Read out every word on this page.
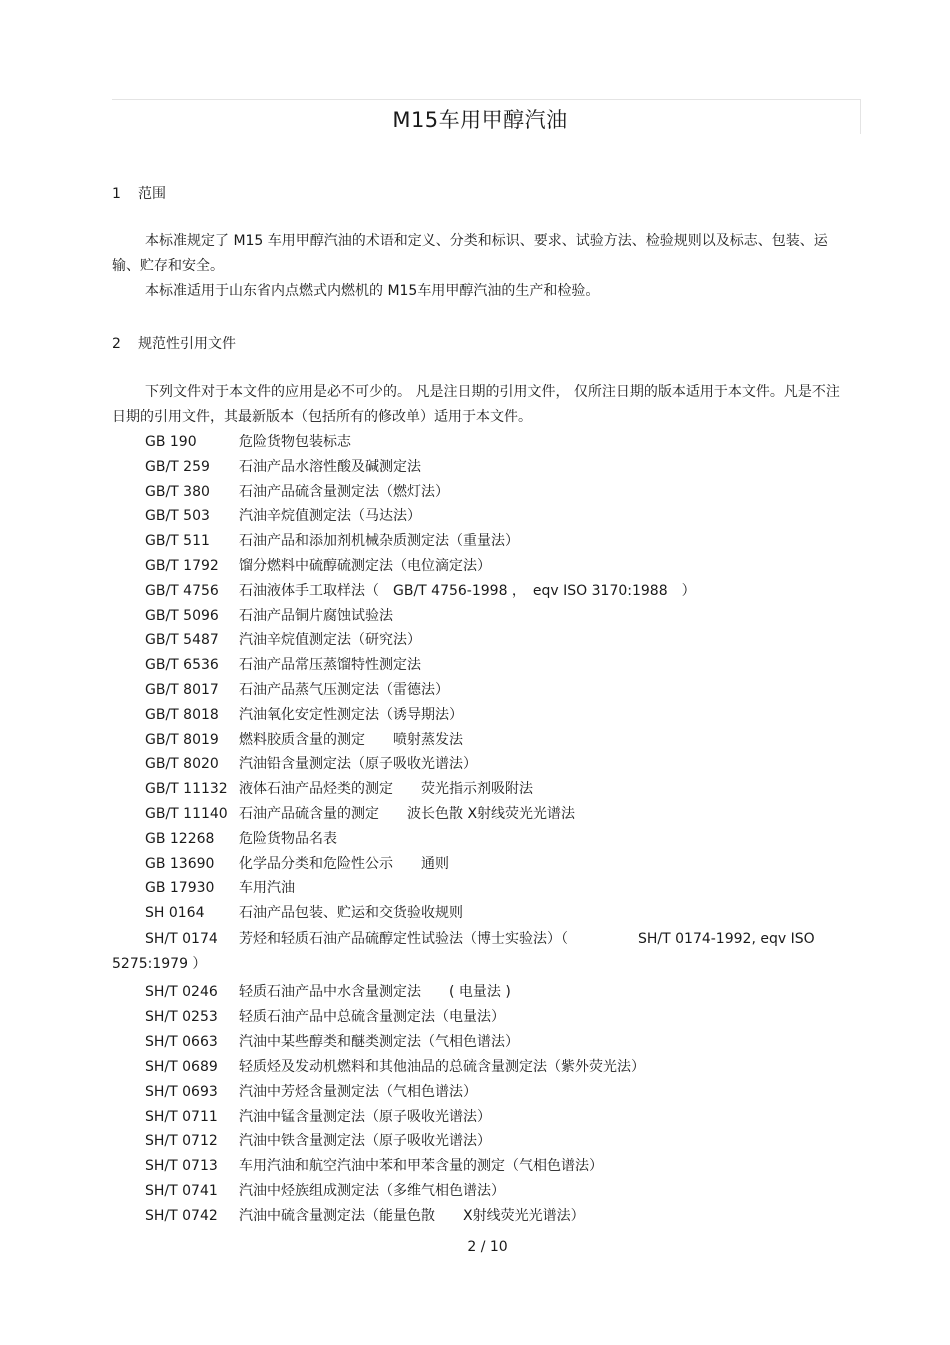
M15车用甲醇汽油
1 范围
本标准规定了 M15 车用甲醇汽油的术语和定义、分类和标识、要求、试验方法、检验规则以及标志、包装、运输、贮存和安全。
本标准适用于山东省内点燃式内燃机的 M15车用甲醇汽油的生产和检验。
2 规范性引用文件
下列文件对于本文件的应用是必不可少的。 凡是注日期的引用文件， 仅所注日期的版本适用于本文件。凡是不注日期的引用文件，其最新版本（包括所有的修改单）适用于本文件。
GB 190	危险货物包装标志
GB/T 259 石油产品水溶性酸及碱测定法
GB/T 380 石油产品硫含量测定法（燃灯法）
GB/T 503 汽油辛烷值测定法（马达法）
GB/T 511 石油产品和添加剂机械杂质测定法（重量法）
GB/T 1792 馏分燃料中硫醇硫测定法（电位滴定法）
GB/T 4756 石油液体手工取样法（　GB/T 4756-1998 ，　eqv ISO 3170:1988　）
GB/T 5096 石油产品铜片腐蚀试验法
GB/T 5487 汽油辛烷值测定法（研究法）
GB/T 6536 石油产品常压蒸馏特性测定法
GB/T 8017 石油产品蒸气压测定法（雷德法）
GB/T 8018 汽油氧化安定性测定法（诱导期法）
GB/T 8019 燃料胶质含量的测定　　喷射蒸发法
GB/T 8020 汽油铅含量测定法（原子吸收光谱法）
GB/T 11132 液体石油产品烃类的测定　　荧光指示剂吸附法
GB/T 11140 石油产品硫含量的测定　　波长色散 X射线荧光光谱法
GB 12268 危险货物品名表
GB 13690 化学品分类和危险性公示　　通则
GB 17930 车用汽油
SH 0164 石油产品包装、贮运和交货验收规则
SH/T 0174 芳烃和轻质石油产品硫醇定性试验法（博士实验法）（　　　　　SH/T 0174-1992, eqv ISO 5275:1979 ）
SH/T 0246 轻质石油产品中水含量测定法　　( 电量法 )
SH/T 0253 轻质石油产品中总硫含量测定法（电量法）
SH/T 0663 汽油中某些醇类和醚类测定法（气相色谱法）
SH/T 0689 轻质烃及发动机燃料和其他油品的总硫含量测定法（紫外荧光法）
SH/T 0693 汽油中芳烃含量测定法（气相色谱法）
SH/T 0711 汽油中锰含量测定法（原子吸收光谱法）
SH/T 0712 汽油中铁含量测定法（原子吸收光谱法）
SH/T 0713 车用汽油和航空汽油中苯和甲苯含量的测定（气相色谱法）
SH/T 0741 汽油中烃族组成测定法（多维气相色谱法）
SH/T 0742 汽油中硫含量测定法（能量色散　　X射线荧光光谱法）
2 / 10
